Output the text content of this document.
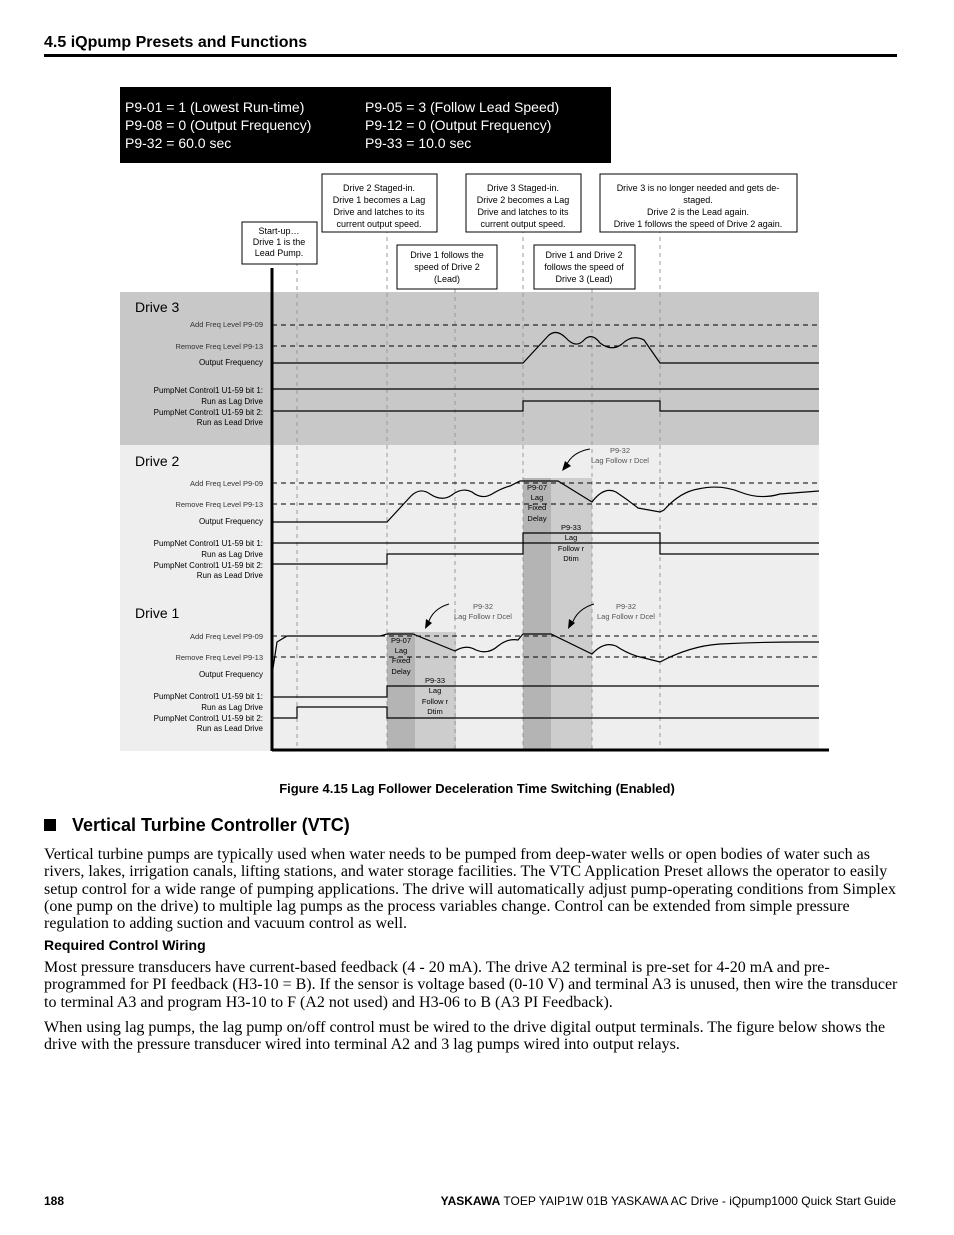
4.5 iQpump Presets and Functions
P9-01 = 1 (Lowest Run-time)
P9-08 = 0 (Output Frequency)
P9-32 = 60.0 sec
P9-05 = 3 (Follow Lead Speed)
P9-12 = 0 (Output Frequency)
P9-33 = 10.0 sec
Start-up…
Drive 1 is the
Lead Pump.
Drive 2 Staged-in.
Drive 1 becomes a Lag
Drive and latches to its
current output speed.
Drive 3 Staged-in.
Drive 2 becomes a Lag
Drive and latches to its
current output speed.
Drive 3 is no longer needed and gets de-
staged.
Drive 2 is the Lead again.
Drive 1 follows the speed of Drive 2 again.
Drive 1 follows the
speed of Drive 2
(Lead)
Drive 1 and Drive 2
follows the speed of
Drive 3 (Lead)
Drive 3
Add Freq Level P9-09
Remove Freq Level P9-13
Output Frequency
PumpNet Control1 U1-59 bit 1:
Run as Lag Drive
PumpNet Control1 U1-59 bit 2:
Run as Lead Drive
Drive 2
Add Freq Level P9-09
Remove Freq Level P9-13
Output Frequency
PumpNet Control1 U1-59 bit 1:
Run as Lag Drive
PumpNet Control1 U1-59 bit 2:
Run as Lead Drive
Drive 1
Add Freq Level P9-09
Remove Freq Level P9-13
Output Frequency
PumpNet Control1 U1-59 bit 1:
Run as Lag Drive
PumpNet Control1 U1-59 bit 2:
Run as Lead Drive
P9-07
Lag
Fixed
Delay
P9-33
Lag
Follow r
Dtim
P9-07
Lag
Fixed
Delay
P9-33
Lag
Follow r
Dtim
P9-32
Lag Follow r Dcel
P9-32
Lag Follow r Dcel
P9-32
Lag Follow r Dcel
Figure 4.15 Lag Follower Deceleration Time Switching (Enabled)
Vertical Turbine Controller (VTC)
Vertical turbine pumps are typically used when water needs to be pumped from deep-water wells or open bodies of water such as rivers, lakes, irrigation canals, lifting stations, and water storage facilities. The VTC Application Preset allows the operator to easily setup control for a wide range of pumping applications. The drive will automatically adjust pump-operating conditions from Simplex (one pump on the drive) to multiple lag pumps as the process variables change. Control can be extended from simple pressure regulation to adding suction and vacuum control as well.
Required Control Wiring
Most pressure transducers have current-based feedback (4 - 20 mA). The drive A2 terminal is pre-set for 4-20 mA and pre-programmed for PI feedback (H3-10 = B). If the sensor is voltage based (0-10 V) and terminal A3 is unused, then wire the transducer to terminal A3 and program H3-10 to F (A2 not used) and H3-06 to B (A3 PI Feedback).
When using lag pumps, the lag pump on/off control must be wired to the drive digital output terminals. The figure below shows the drive with the pressure transducer wired into terminal A2 and 3 lag pumps wired into output relays.
188	YASKAWA TOEP YAIP1W 01B YASKAWA AC Drive - iQpump1000 Quick Start Guide
